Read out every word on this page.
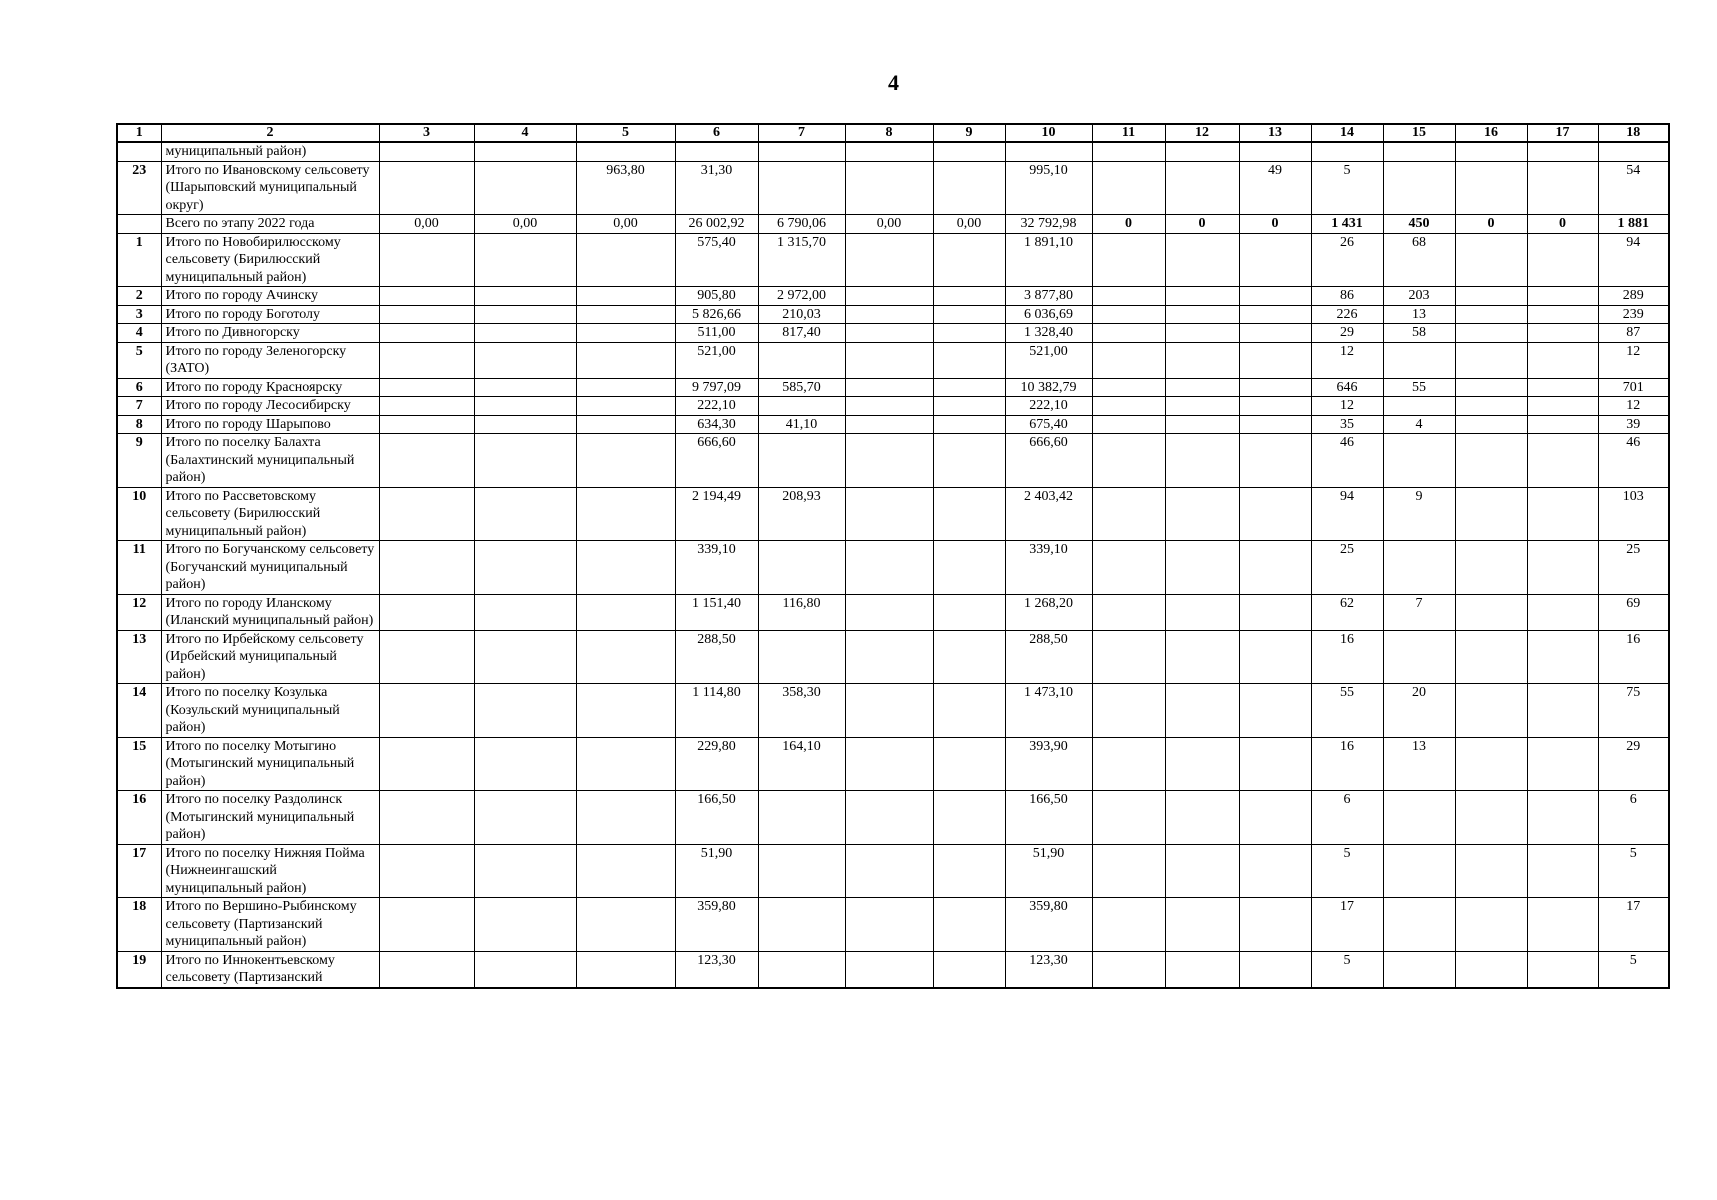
4
1	2	3	4	5	6	7	8	9	10	11	12	13	14	15	16	17	18
	муниципальный район)																
23	Итого по Ивановскому сельсовету (Шарыповский муниципальный округ)			963,80	31,30				995,10			49	5				54
	Всего по этапу 2022 года	0,00	0,00	0,00	26 002,92	6 790,06	0,00	0,00	32 792,98	0	0	0	1 431	450	0	0	1 881
1	Итого по Новобирилюсскому сельсовету (Бирилюсский муниципальный район)				575,40	1 315,70			1 891,10				26	68			94
2	Итого по городу Ачинску				905,80	2 972,00			3 877,80				86	203			289
3	Итого по городу Боготолу				5 826,66	210,03			6 036,69				226	13			239
4	Итого по Дивногорску				511,00	817,40			1 328,40				29	58			87
5	Итого по городу Зеленогорску (ЗАТО)				521,00				521,00				12				12
6	Итого по городу Красноярску				9 797,09	585,70			10 382,79				646	55			701
7	Итого по городу Лесосибирску				222,10				222,10				12				12
8	Итого по городу Шарыпово				634,30	41,10			675,40				35	4			39
9	Итого по поселку Балахта (Балахтинский муниципальный район)				666,60				666,60				46				46
10	Итого по Рассветовскому сельсовету (Бирилюсский муниципальный район)				2 194,49	208,93			2 403,42				94	9			103
11	Итого по Богучанскому сельсовету (Богучанский муниципальный район)				339,10				339,10				25				25
12	Итого по городу Иланскому (Иланский муниципальный район)				1 151,40	116,80			1 268,20				62	7			69
13	Итого по Ирбейскому сельсовету (Ирбейский муниципальный район)				288,50				288,50				16				16
14	Итого по поселку Козулька (Козульский муниципальный район)				1 114,80	358,30			1 473,10				55	20			75
15	Итого по поселку Мотыгино (Мотыгинский муниципальный район)				229,80	164,10			393,90				16	13			29
16	Итого по поселку Раздолинск (Мотыгинский муниципальный район)				166,50				166,50				6				6
17	Итого по поселку Нижняя Пойма (Нижнеингашский муниципальный район)				51,90				51,90				5				5
18	Итого по Вершино-Рыбинскому сельсовету (Партизанский муниципальный район)				359,80				359,80				17				17
19	Итого по Иннокентьевскому сельсовету (Партизанский				123,30				123,30				5				5
